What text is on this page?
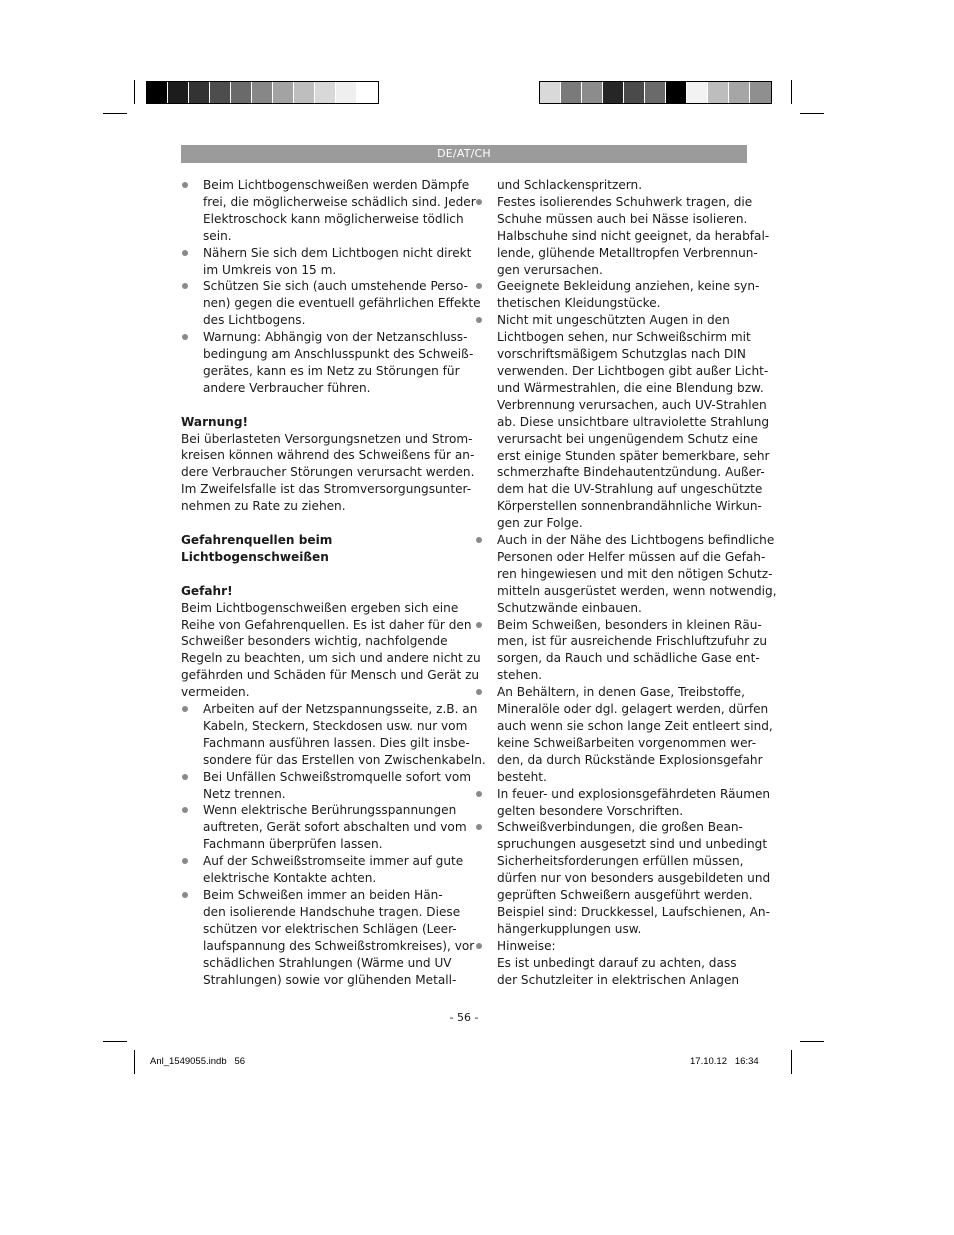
DE/AT/CH
Beim Lichtbogenschweißen werden Dämpfe
frei, die möglicherweise schädlich sind. Jeder
Elektroschock kann möglicherweise tödlich
sein.
Nähern Sie sich dem Lichtbogen nicht direkt
im Umkreis von 15 m.
Schützen Sie sich (auch umstehende Perso-
nen) gegen die eventuell gefährlichen Effekte
des Lichtbogens.
Warnung: Abhängig von der Netzanschluss-
bedingung am Anschlusspunkt des Schweiß-
gerätes, kann es im Netz zu Störungen für
andere Verbraucher führen.
Warnung!
Bei überlasteten Versorgungsnetzen und Strom-
kreisen können während des Schweißens für an-
dere Verbraucher Störungen verursacht werden.
Im Zweifelsfalle ist das Stromversorgungsunter-
nehmen zu Rate zu ziehen.
Gefahrenquellen beim
Lichtbogenschweißen
Gefahr!
Beim Lichtbogenschweißen ergeben sich eine
Reihe von Gefahrenquellen. Es ist daher für den
Schweißer besonders wichtig, nachfolgende
Regeln zu beachten, um sich und andere nicht zu
gefährden und Schäden für Mensch und Gerät zu
vermeiden.
Arbeiten auf der Netzspannungsseite, z.B. an
Kabeln, Steckern, Steckdosen usw. nur vom
Fachmann ausführen lassen. Dies gilt insbe-
sondere für das Erstellen von Zwischenkabeln.
Bei Unfällen Schweißstromquelle sofort vom
Netz trennen.
Wenn elektrische Berührungsspannungen
auftreten, Gerät sofort abschalten und vom
Fachmann überprüfen lassen.
Auf der Schweißstromseite immer auf gute
elektrische Kontakte achten.
Beim Schweißen immer an beiden Hän-
den isolierende Handschuhe tragen. Diese
schützen vor elektrischen Schlägen (Leer-
laufspannung des Schweißstromkreises), vor
schädlichen Strahlungen (Wärme und UV
Strahlungen) sowie vor glühenden Metall-
und Schlackenspritzern.
Festes isolierendes Schuhwerk tragen, die
Schuhe müssen auch bei Nässe isolieren.
Halbschuhe sind nicht geeignet, da herabfal-
lende, glühende Metalltropfen Verbrennun-
gen verursachen.
Geeignete Bekleidung anziehen, keine syn-
thetischen Kleidungstücke.
Nicht mit ungeschützten Augen in den
Lichtbogen sehen, nur Schweißschirm mit
vorschriftsmäßigem Schutzglas nach DIN
verwenden. Der Lichtbogen gibt außer Licht-
und Wärmestrahlen, die eine Blendung bzw.
Verbrennung verursachen, auch UV-Strahlen
ab. Diese unsichtbare ultraviolette Strahlung
verursacht bei ungenügendem Schutz eine
erst einige Stunden später bemerkbare, sehr
schmerzhafte Bindehautentzündung. Außer-
dem hat die UV-Strahlung auf ungeschützte
Körperstellen sonnenbrandähnliche Wirkun-
gen zur Folge.
Auch in der Nähe des Lichtbogens befindliche
Personen oder Helfer müssen auf die Gefah-
ren hingewiesen und mit den nötigen Schutz-
mitteln ausgerüstet werden, wenn notwendig,
Schutzwände einbauen.
Beim Schweißen, besonders in kleinen Räu-
men, ist für ausreichende Frischluftzufuhr zu
sorgen, da Rauch und schädliche Gase ent-
stehen.
An Behältern, in denen Gase, Treibstoffe,
Mineralöle oder dgl. gelagert werden, dürfen
auch wenn sie schon lange Zeit entleert sind,
keine Schweißarbeiten vorgenommen wer-
den, da durch Rückstände Explosionsgefahr
besteht.
In feuer- und explosionsgefährdeten Räumen
gelten besondere Vorschriften.
Schweißverbindungen, die großen Bean-
spruchungen ausgesetzt sind und unbedingt
Sicherheitsforderungen erfüllen müssen,
dürfen nur von besonders ausgebildeten und
geprüften Schweißern ausgeführt werden.
Beispiel sind: Druckkessel, Laufschienen, An-
hängerkupplungen usw.
Hinweise:
Es ist unbedingt darauf zu achten, dass
der Schutzleiter in elektrischen Anlagen
- 56 -
Anl_1549055.indb   56	17.10.12   16:34
